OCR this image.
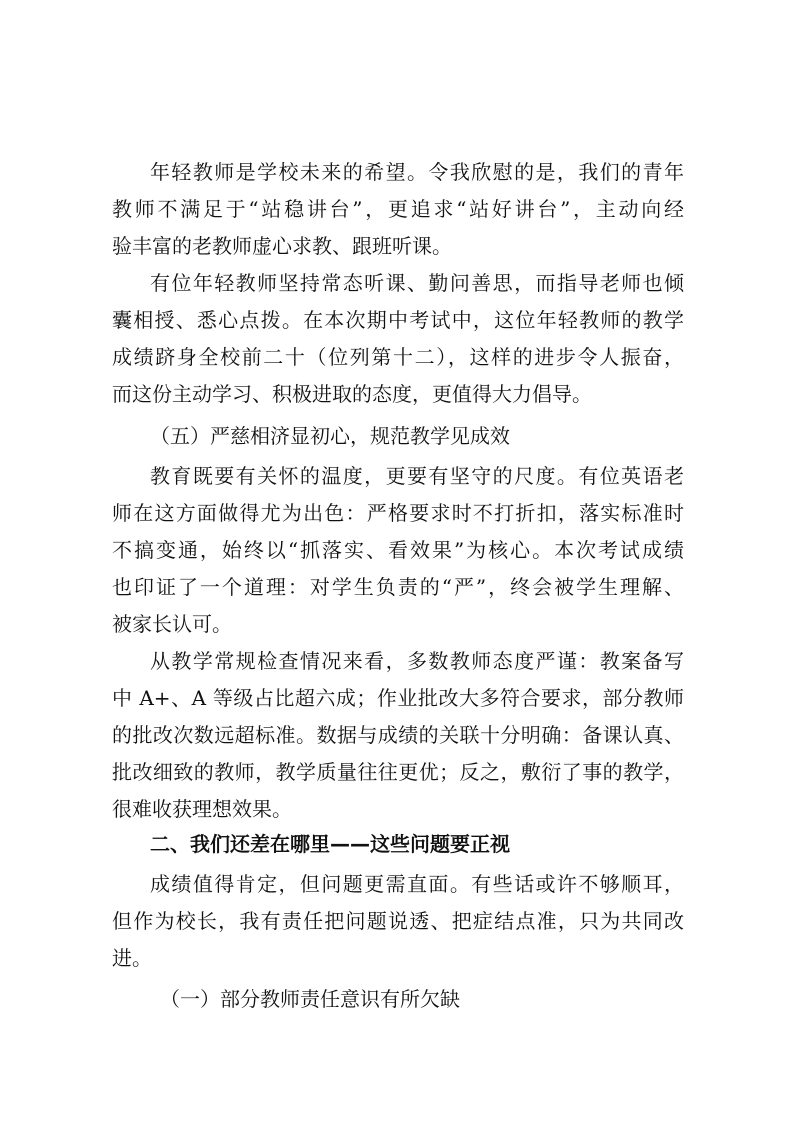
年轻教师是学校未来的希望。令我欣慰的是，我们的青年

教师不满足于“站稳讲台”，更追求“站好讲台”，主动向经

验丰富的老教师虚心求教、跟班听课。

有位年轻教师坚持常态听课、勤问善思，而指导老师也倾

囊相授、悉心点拨。在本次期中考试中，这位年轻教师的教学

成绩跻身全校前二十（位列第十二），这样的进步令人振奋，

而这份主动学习、积极进取的态度，更值得大力倡导。

（五）严慈相济显初心，规范教学见成效

教育既要有关怀的温度，更要有坚守的尺度。有位英语老

师在这方面做得尤为出色：严格要求时不打折扣，落实标准时

不搞变通，始终以“抓落实、看效果”为核心。本次考试成绩

也印证了一个道理：对学生负责的“严”，终会被学生理解、

被家长认可。

从教学常规检查情况来看，多数教师态度严谨：教案备写

中 A+、A 等级占比超六成；作业批改大多符合要求，部分教师

的批改次数远超标准。数据与成绩的关联十分明确：备课认真、

批改细致的教师，教学质量往往更优；反之，敷衍了事的教学，

很难收获理想效果。

二、我们还差在哪里——这些问题要正视

成绩值得肯定，但问题更需直面。有些话或许不够顺耳，

但作为校长，我有责任把问题说透、把症结点准，只为共同改

进。

（一）部分教师责任意识有所欠缺
